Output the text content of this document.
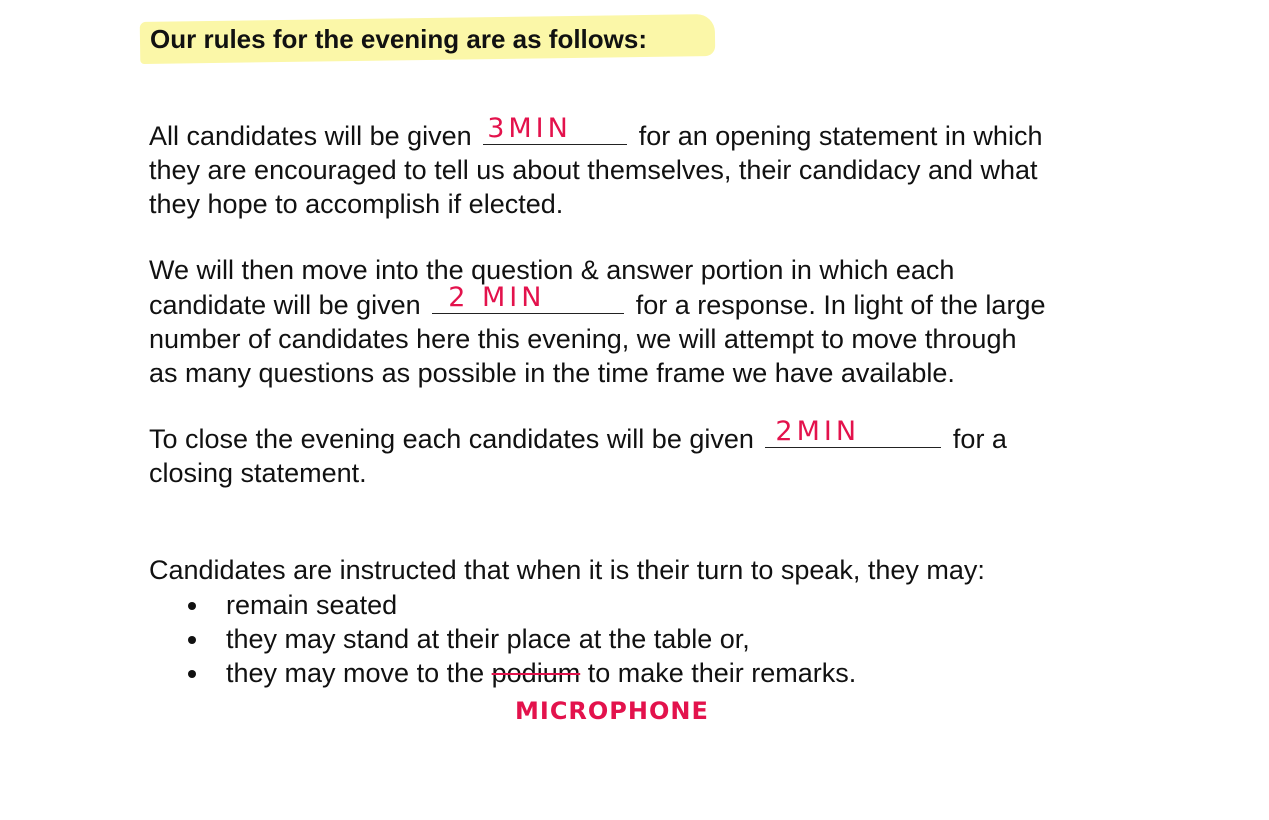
Our rules for the evening are as follows:

All candidates will be given 3MIN for an opening statement in which
they are encouraged to tell us about themselves, their candidacy and what
they hope to accomplish if elected.

We will then move into the question & answer portion in which each
candidate will be given 2 MIN	for a response. In light of the large
number of candidates here this evening, we will attempt to move through
as many questions as possible in the time frame we have available.

To close the evening each candidates will be given 2MIN	for a
closing statement.

Candidates are instructed that when it is their turn to speak, they may:

remain seated
they may stand at their place at the table or,
they may move to the podium to make their remarks.
MICROPHONE
